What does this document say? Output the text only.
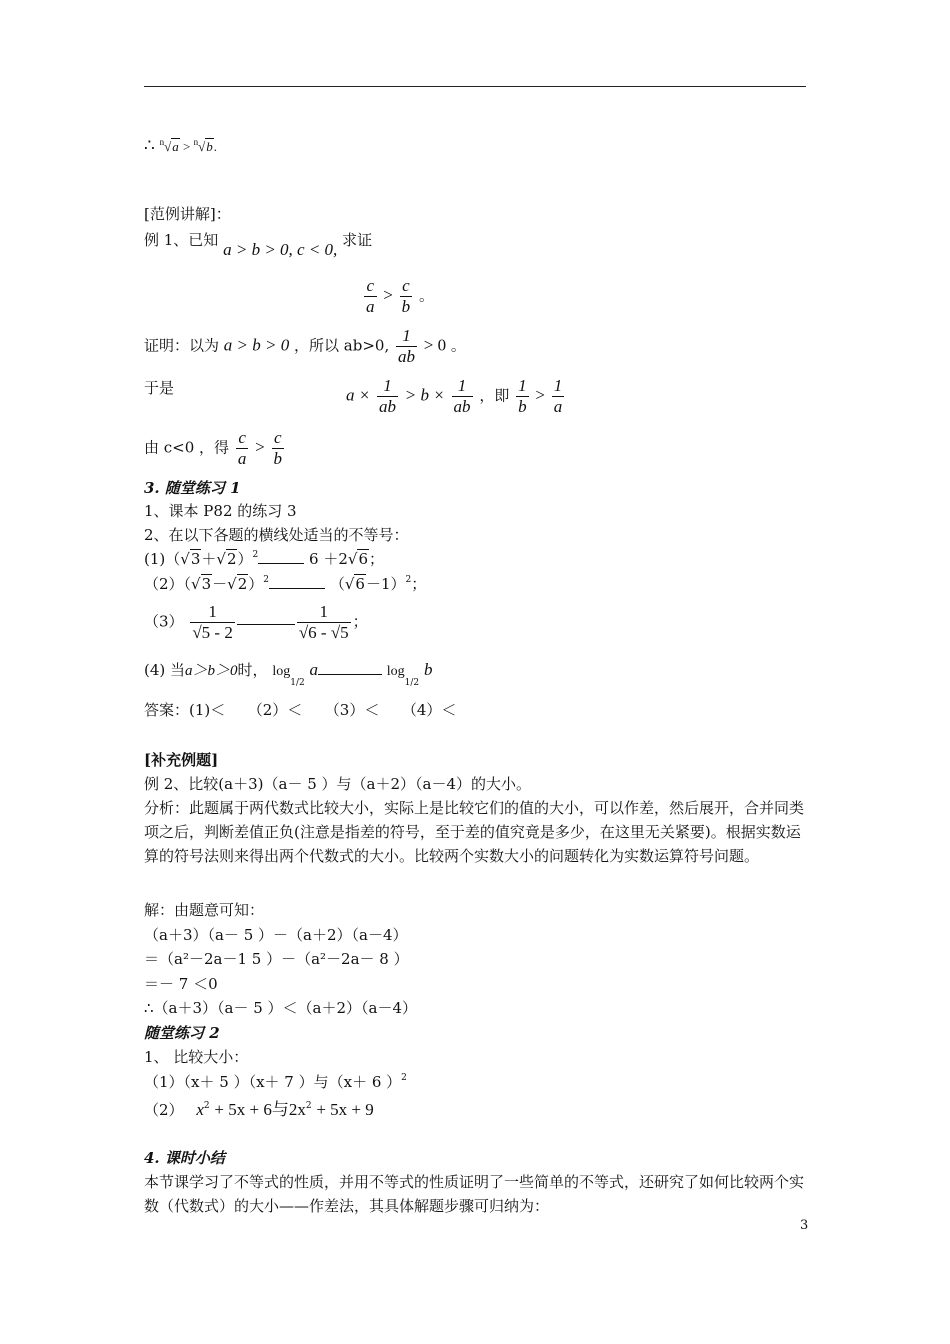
∴ $^n$√a > $^n$√b.
[范例讲解]：
例 1、已知 a > b > 0, c < 0, 求证
$\frac{c}{a} > \frac{c}{b}$ 。
证明：以为 a > b > 0 ，所以 ab>0, $\frac{1}{ab} > 0$ 。
于是	$a \times \frac{1}{ab} > b \times \frac{1}{ab}$ ，即 $\frac{1}{b} > \frac{1}{a}$
由 c<0 ，得 $\frac{c}{a} > \frac{c}{b}$
3. 随堂练习 1
1、课本 P82 的练习 3
2、在以下各题的横线处适当的不等号：
$(1)(√3+√2)^2$	6 ＋2√6；
$(2)(√3-√2)^2$	$(√6-1)^2$；
$(3) \frac{1}{√5 - 2}$	$\frac{1}{√6 - √5}$ ；
(4) 当a＞b＞0时， $\log_{1/2} a$	$\log_{1/2} b$
答案：(1)＜　　（2）＜　　（3）＜　　（4）＜
[补充例题]
例 2、比较(a＋3)（a－ 5 ）与（a＋2）（a－4）的大小。
分析：此题属于两代数式比较大小，实际上是比较它们的值的大小，可以作差，然后展开，合并同类项之后，判断差值正负(注意是指差的符号，至于差的值究竟是多少，在这里无关紧要)。根据实数运算的符号法则来得出两个代数式的大小。比较两个实数大小的问题转化为实数运算符号问题。
解：由题意可知：
（a＋3）（a－ 5 ）－（a＋2）（a－4）
＝（a²－2a－1 5 ）－（a²－2a－ 8 ）
＝－ 7 ＜0
∴（a＋3）（a－ 5 ）＜（a＋2）（a－4）
随堂练习 2
1、 比较大小：
（1）（x＋ 5 ）（x＋ 7 ）与（x＋ 6 ）$^2$
（2） $x^2 + 5x + 6$与$2x^2 + 5x + 9$
4. 课时小结
本节课学习了不等式的性质，并用不等式的性质证明了一些简单的不等式，还研究了如何比较两个实数（代数式）的大小——作差法，其具体解题步骤可归纳为：
3
